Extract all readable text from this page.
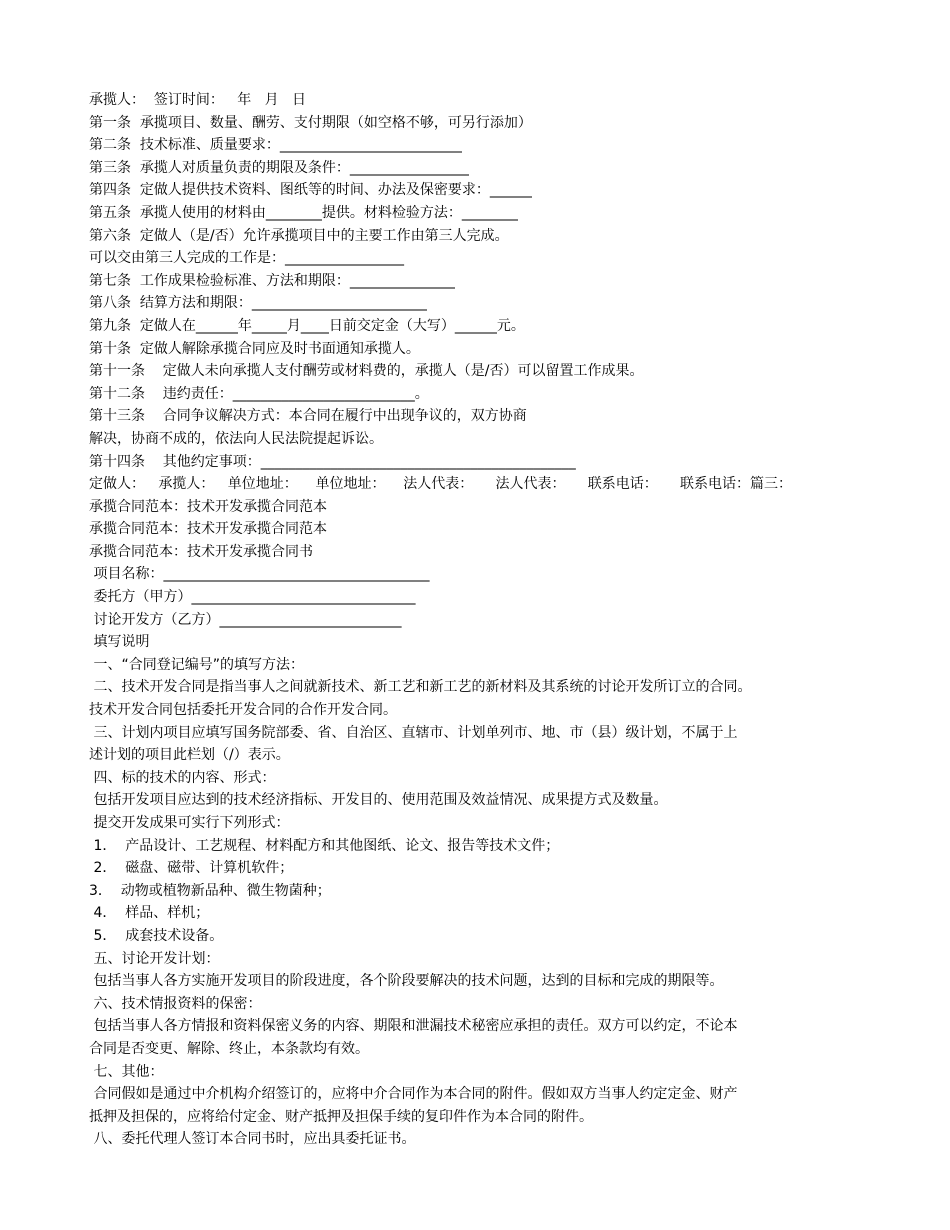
承揽人：  签订时间：   年   月   日
第一条  承揽项目、数量、酬劳、支付期限（如空格不够，可另行添加）
第二条  技术标准、质量要求：__________________________
第三条  承揽人对质量负责的期限及条件：_________________
第四条  定做人提供技术资料、图纸等的时间、办法及保密要求：______
第五条  承揽人使用的材料由________提供。材料检验方法：________
第六条  定做人（是/否）允许承揽项目中的主要工作由第三人完成。
可以交由第三人完成的工作是：_________________
第七条  工作成果检验标准、方法和期限：_______________
第八条  结算方法和期限：_________________________
第九条  定做人在______年_____月____日前交定金（大写）______元。
第十条  定做人解除承揽合同应及时书面通知承揽人。
第十一条    定做人未向承揽人支付酬劳或材料费的，承揽人（是/否）可以留置工作成果。
第十二条    违约责任：__________________________。
第十三条    合同争议解决方式：本合同在履行中出现争议的，双方协商
解决，协商不成的，依法向人民法院提起诉讼。
第十四条    其他约定事项：_____________________________________________
定做人：   承揽人：   单位地址：    单位地址：    法人代表：     法人代表：     联系电话：     联系电话：篇三：
承揽合同范本：技术开发承揽合同范本
承揽合同范本：技术开发承揽合同范本
承揽合同范本：技术开发承揽合同书
项目名称：______________________________________
委托方（甲方）________________________________
讨论开发方（乙方）__________________________
填写说明
一、“合同登记编号”的填写方法：
二、技术开发合同是指当事人之间就新技术、新工艺和新工艺的新材料及其系统的讨论开发所订立的合同。
技术开发合同包括委托开发合同的合作开发合同。
三、计划内项目应填写国务院部委、省、自治区、直辖市、计划单列市、地、市（县）级计划，不属于上
述计划的项目此栏划（/）表示。
四、标的技术的内容、形式：
包括开发项目应达到的技术经济指标、开发目的、使用范围及效益情况、成果提方式及数量。
提交开发成果可实行下列形式：
1．  产品设计、工艺规程、材料配方和其他图纸、论文、报告等技术文件；
2．  磁盘、磁带、计算机软件；
3．  动物或植物新品种、微生物菌种；
4．  样品、样机；
5．  成套技术设备。
五、讨论开发计划：
包括当事人各方实施开发项目的阶段进度，各个阶段要解决的技术问题，达到的目标和完成的期限等。
六、技术情报资料的保密：
包括当事人各方情报和资料保密义务的内容、期限和泄漏技术秘密应承担的责任。双方可以约定，不论本
合同是否变更、解除、终止，本条款均有效。
七、其他：
合同假如是通过中介机构介绍签订的，应将中介合同作为本合同的附件。假如双方当事人约定定金、财产
抵押及担保的，应将给付定金、财产抵押及担保手续的复印件作为本合同的附件。
八、委托代理人签订本合同书时，应出具委托证书。
